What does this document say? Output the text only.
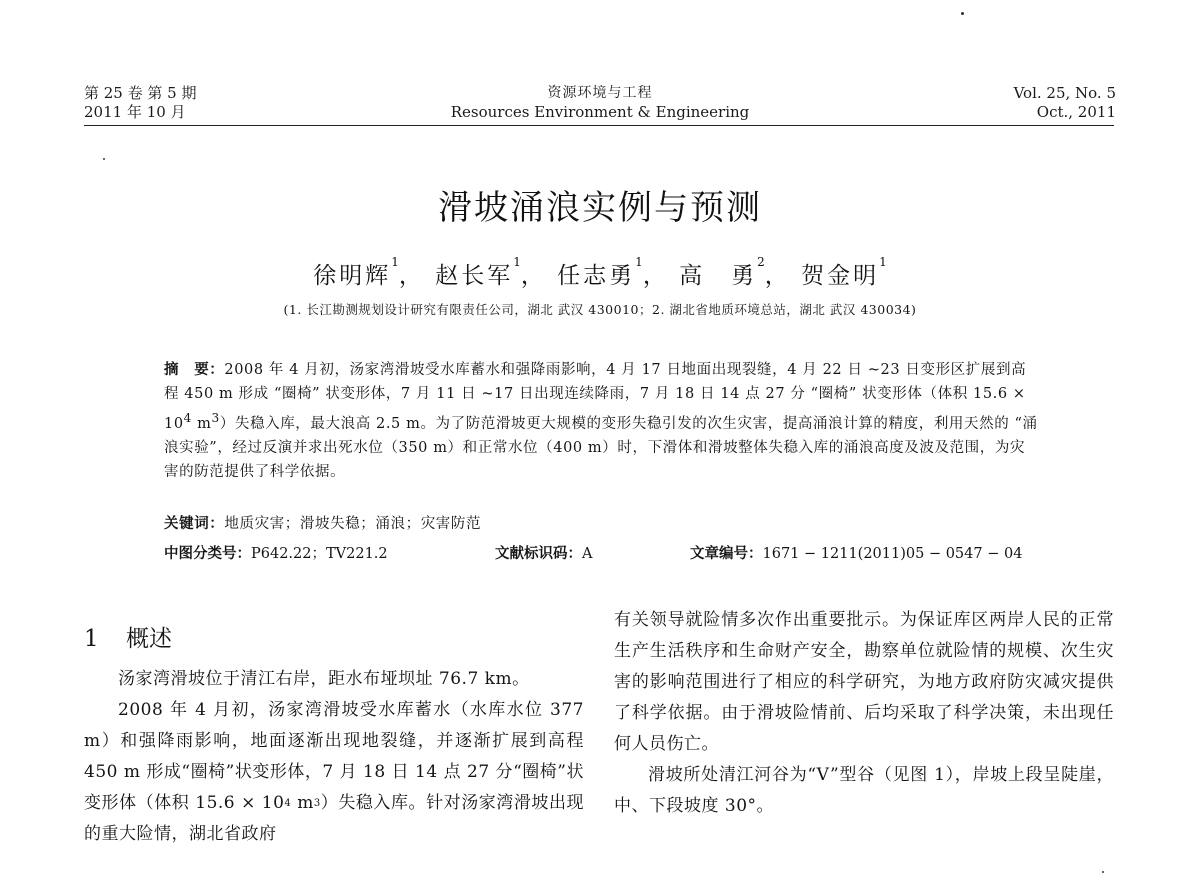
第 25 卷 第 5 期
2011 年 10 月
资源环境与工程
Resources Environment & Engineering
Vol. 25, No. 5
Oct., 2011
滑坡涌浪实例与预测
徐明辉$^1$， 赵长军$^1$， 任志勇$^1$， 高　勇$^2$， 贺金明$^1$
(1. 长江勘测规划设计研究有限责任公司，湖北 武汉 430010；2. 湖北省地质环境总站，湖北 武汉 430034)

摘　要：2008 年 4 月初，汤家湾滑坡受水库蓄水和强降雨影响，4 月 17 日地面出现裂缝，4 月 22 日 ~23 日变形区扩展到高程 450 m 形成 “圈椅” 状变形体，7 月 11 日 ~17 日出现连续降雨，7 月 18 日 14 点 27 分 “圈椅” 状变形体（体积 $15.6 \times 10^4$ $m^3$）失稳入库，最大浪高 2.5 m。为了防范滑坡更大规模的变形失稳引发的次生灾害，提高涌浪计算的精度，利用天然的 “涌浪实验”，经过反演并求出死水位（350 m）和正常水位（400 m）时，下滑体和滑坡整体失稳入库的涌浪高度及波及范围，为灾害的防范提供了科学依据。

关键词：地质灾害；滑坡失稳；涌浪；灾害防范
中图分类号：P642.22；TV221.2	文献标识码：A	文章编号：1671 − 1211(2011)05 − 0547 − 04
1 概述

汤家湾滑坡位于清江右岸，距水布垭坝址 76.7 km。

2008 年 4 月初，汤家湾滑坡受水库蓄水（水库水位 377 m）和强降雨影响，地面逐渐出现地裂缝，并逐渐扩展到高程 450 m 形成“圈椅”状变形体，7 月 18 日 14 点 27 分“圈椅”状变形体（体积 $15.6 \times 10^4$ $m^3$）失稳入库。针对汤家湾滑坡出现的重大险情，湖北省政府

有关领导就险情多次作出重要批示。为保证库区两岸人民的正常生产生活秩序和生命财产安全，勘察单位就险情的规模、次生灾害的影响范围进行了相应的科学研究，为地方政府防灾减灾提供了科学依据。由于滑坡险情前、后均采取了科学决策，未出现任何人员伤亡。

滑坡所处清江河谷为“V”型谷（见图 1），岸坡上段呈陡崖，中、下段坡度 30°。
